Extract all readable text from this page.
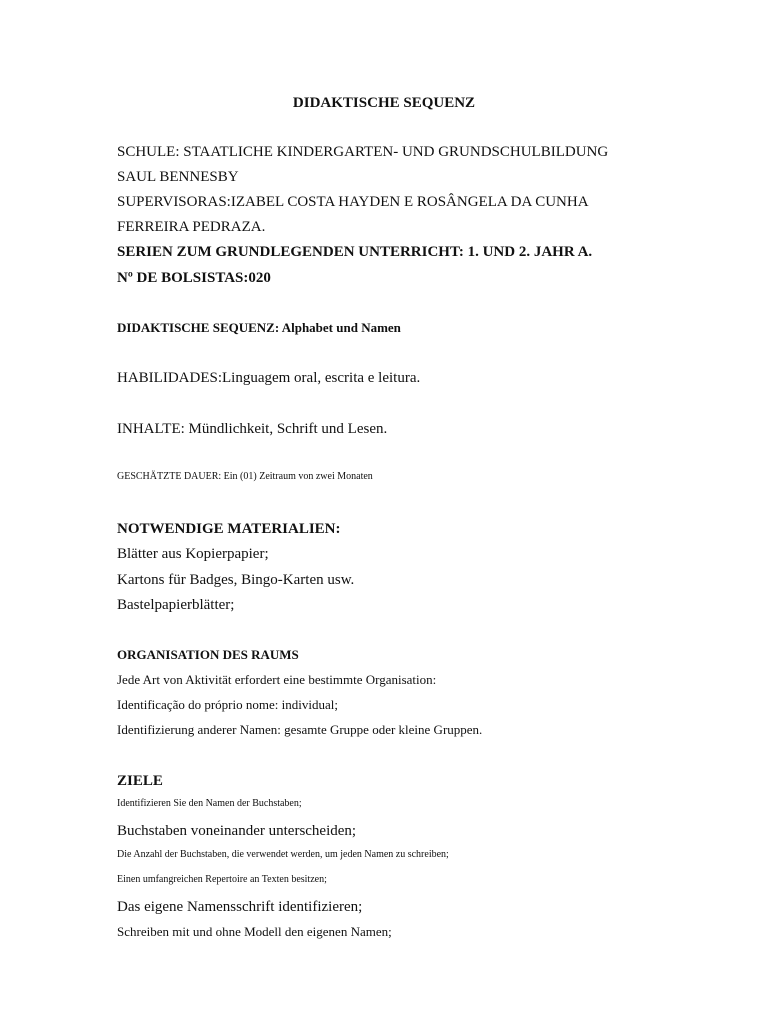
DIDAKTISCHE SEQUENZ
SCHULE: STAATLICHE KINDERGARTEN- UND GRUNDSCHULBILDUNG
SAUL BENNESBY
SUPERVISORAS:IZABEL COSTA HAYDEN E ROSÂNGELA DA CUNHA
FERREIRA PEDRAZA.
SERIEN ZUM GRUNDLEGENDEN UNTERRICHT: 1. UND 2. JAHR A.
Nº DE BOLSISTAS:020
DIDAKTISCHE SEQUENZ: Alphabet und Namen
HABILIDADES:Linguagem oral, escrita e leitura.
INHALTE: Mündlichkeit, Schrift und Lesen.
GESCHÄTZTE DAUER: Ein (01) Zeitraum von zwei Monaten
NOTWENDIGE MATERIALIEN:
Blätter aus Kopierpapier;
Kartons für Badges, Bingo-Karten usw.
Bastelpapierblätter;
ORGANISATION DES RAUMS
Jede Art von Aktivität erfordert eine bestimmte Organisation:
Identificação do próprio nome: individual;
Identifizierung anderer Namen: gesamte Gruppe oder kleine Gruppen.
ZIELE
Identifizieren Sie den Namen der Buchstaben;
Buchstaben voneinander unterscheiden;
Die Anzahl der Buchstaben, die verwendet werden, um jeden Namen zu schreiben;
Einen umfangreichen Repertoire an Texten besitzen;
Das eigene Namensschrift identifizieren;
Schreiben mit und ohne Modell den eigenen Namen;
